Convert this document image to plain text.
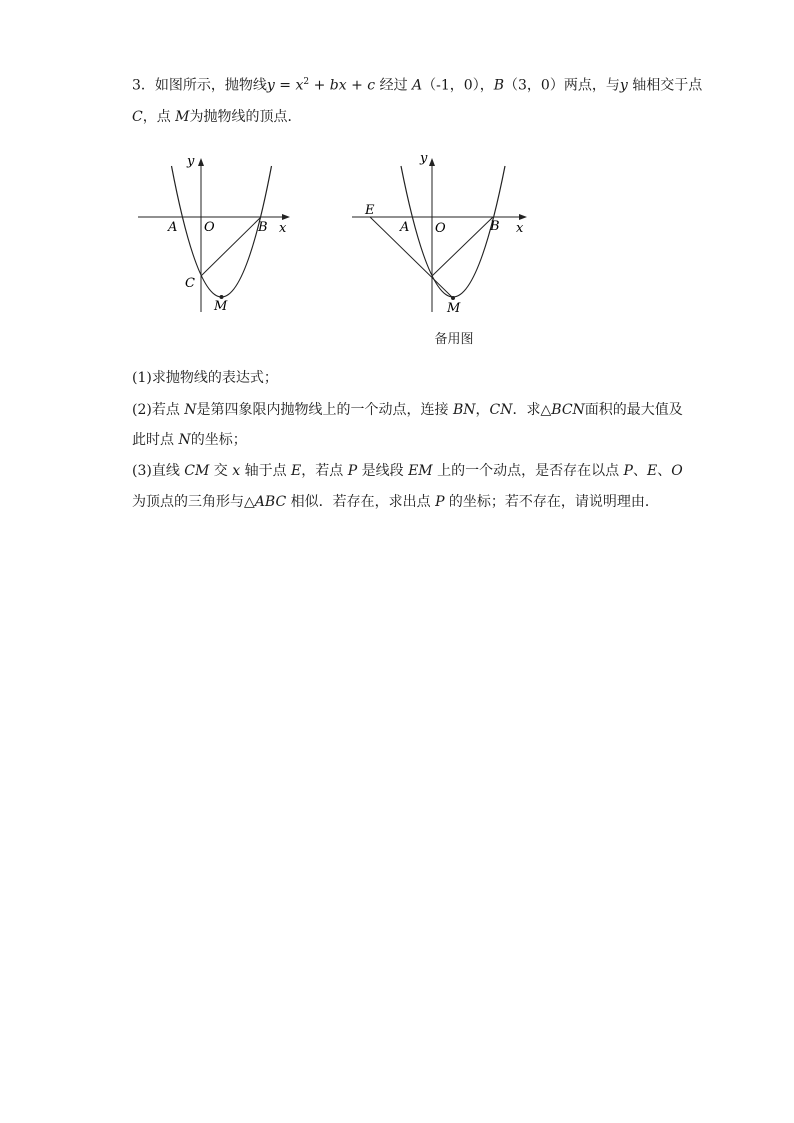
3．如图所示，抛物线$y = x^2$ + bx + c 经过 A（-1，0），B（3，0）两点，与y 轴相交于点
C，点 M为抛物线的顶点．
y
O
A	B x
C
M
y
E
A O	B x
M
备用图
(1)求抛物线的表达式；
(2)若点 N是第四象限内抛物线上的一个动点，连接 BN，CN．求△BCN面积的最大值及
此时点 N的坐标；
(3)直线 CM 交 x 轴于点 E，若点 P 是线段 EM 上的一个动点，是否存在以点 P、E、O
为顶点的三角形与△ABC 相似．若存在，求出点 P 的坐标；若不存在，请说明理由．
